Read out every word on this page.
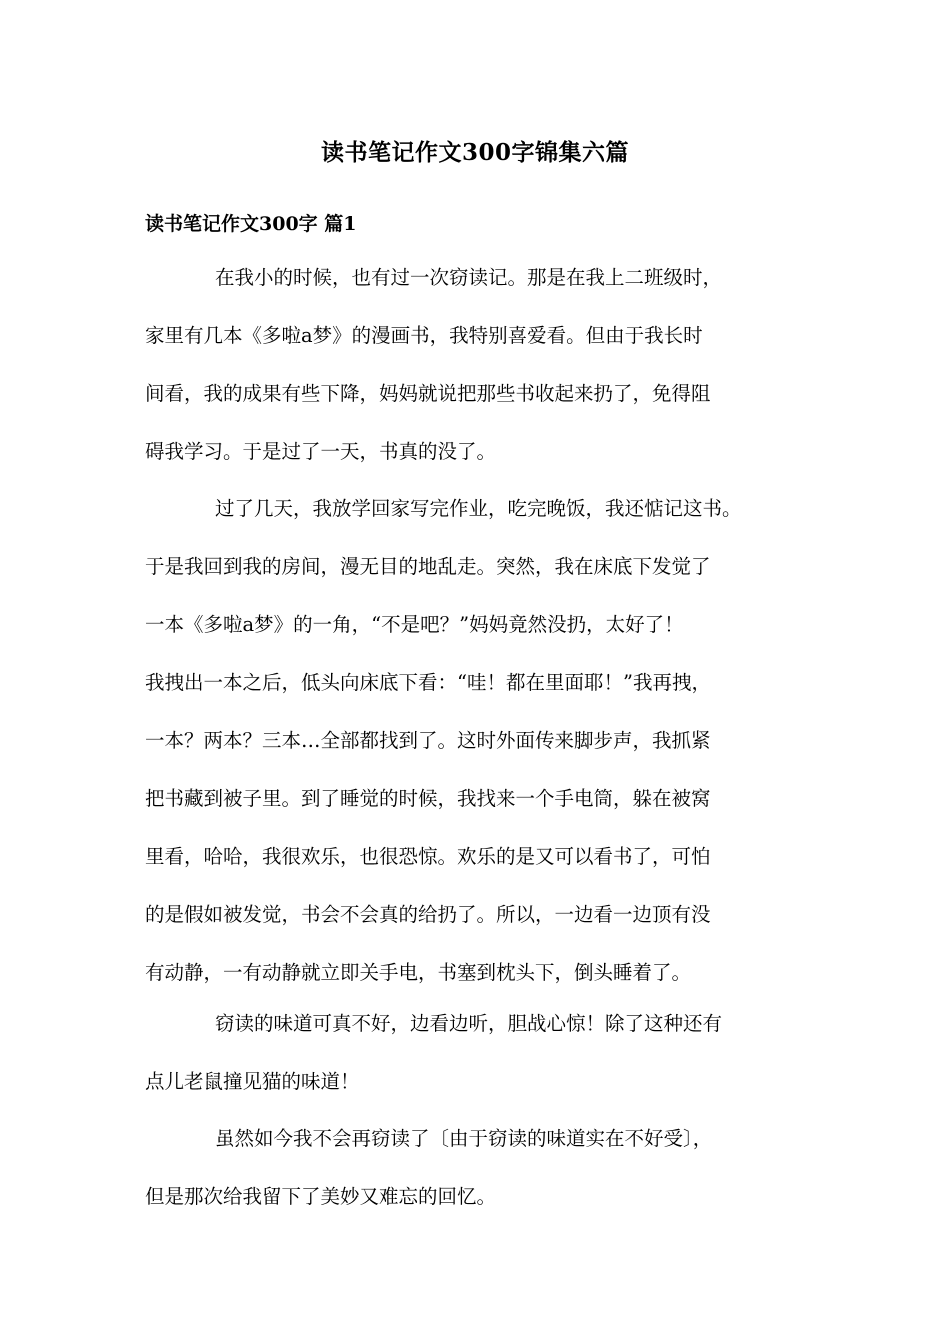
读书笔记作文300字锦集六篇
读书笔记作文300字 篇1
在我小的时候，也有过一次窃读记。那是在我上二班级时，
家里有几本《多啦a梦》的漫画书，我特别喜爱看。但由于我长时
间看，我的成果有些下降，妈妈就说把那些书收起来扔了，免得阻
碍我学习。于是过了一天，书真的没了。
过了几天，我放学回家写完作业，吃完晚饭，我还惦记这书。
于是我回到我的房间，漫无目的地乱走。突然，我在床底下发觉了
一本《多啦a梦》的一角，“不是吧？”妈妈竟然没扔，太好了！
我拽出一本之后，低头向床底下看：“哇！都在里面耶！”我再拽，
一本？两本？三本…全部都找到了。这时外面传来脚步声，我抓紧
把书藏到被子里。到了睡觉的时候，我找来一个手电筒，躲在被窝
里看，哈哈，我很欢乐，也很恐惊。欢乐的是又可以看书了，可怕
的是假如被发觉，书会不会真的给扔了。所以，一边看一边顶有没
有动静，一有动静就立即关手电，书塞到枕头下，倒头睡着了。
窃读的味道可真不好，边看边听，胆战心惊！除了这种还有
点儿老鼠撞见猫的味道！
虽然如今我不会再窃读了〔由于窃读的味道实在不好受〕，
但是那次给我留下了美妙又难忘的回忆。
